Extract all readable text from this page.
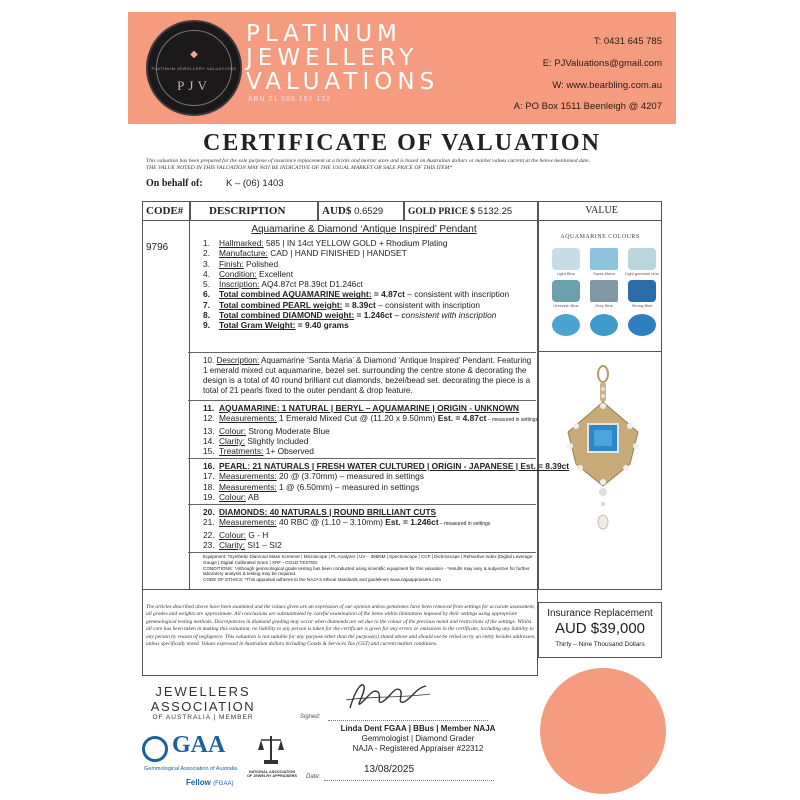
◆
PLATINUM JEWELLERY VALUATIONS
PJV
PLATINUM
JEWELLERY
VALUATIONS
ABN 21 588 192 132
T: 0431 645 785
E: PJValuations@gmail.com
W: www.bearbling.com.au
A: PO Box 1511 Beenleigh @ 4207
CERTIFICATE OF VALUATION
This valuation has been prepared for the sole purpose of insurance replacement at a bricks and mortar store and is based on Australian dollars or market values current at the below mentioned date.
THE VALUE NOTED IN THIS VALUATION MAY NOT BE INDICATIVE OF THE USUAL MARKET OR SALE PRICE OF THIS ITEM*
On behalf of: K – (06) 1403
CODE#	DESCRIPTION	AUD$ 0.6529	GOLD PRICE $ 5132.25	VALUE
9796
Aquamarine & Diamond ‘Antique Inspired’ Pendant
1. Hallmarked: 585 | IN 14ct YELLOW GOLD + Rhodium Plating
2. Manufacture: CAD | HAND FINISHED | HANDSET
3. Finish: Polished
4. Condition: Excellent
5. Inscription: AQ4.87ct P8.39ct D1.246ct
6. Total combined AQUAMARINE weight: = 4.87ct – consistent with inscription
7. Total combined PEARL weight: = 8.39ct – consistent with inscription
8. Total combined DIAMOND weight: = 1.246ct – consistent with inscription
9. Total Gram Weight: = 9.40 grams
10. Description: Aquamarine ‘Santa Maria’ & Diamond ‘Antique Inspired’ Pendant. Featuring 1 emerald mixed cut aquamarine, bezel set. surrounding the centre stone & decorating the design is a total of 40 round brilliant cut diamonds, bezel/bead set. decorating the piece is a total of 21 pearls fixed to the outer pendant & drop feature.
11. AQUAMARINE: 1 NATURAL | BERYL – AQUAMARINE | ORIGIN - UNKNOWN
12. Measurements: 1 Emerald Mixed Cut @ (11.20 x 9.50mm) Est. = 4.87ct – measured in settings
13. Colour: Strong Moderate Blue
14. Clarity: Slightly Included
15. Treatments: 1+ Observed
16. PEARL: 21 NATURALS | FRESH WATER CULTURED | ORIGIN - JAPANESE | Est. = 8.39ct
17. Measurements: 20 @ (3.70mm) – measured in settings
18. Measurements: 1 @ (6.50mm) – measured in settings
19. Colour: AB
20. DIAMONDS: 40 NATURALS | ROUND BRILLIANT CUTS
21. Measurements: 40 RBC @ (1.10 – 3.10mm) Est. = 1.246ct – measured in settings
22. Colour: G - H
23. Clarity: SI1 – SI2
Equipment: *Synthetic Diamond Mass Screener | Microscope | PL Analyzer | UV – 395NM | Spectroscope | CCF | Dichroscope | Refractive Index |Digital Leverage Gauge | Digital Calibrated Gram | XRF - GOLD TESTED
CONDITIONS: *Although gemmological grade testing has been conducted using scientific equipment for this valuation - *results may vary & subjective for further laboratory analysis & testing may be required.
CODE OF ETHICS: *This appraisal adheres to the NAJA's ethical standards and guidelines www.najaappraisers.com
AQUAMARINE COLOURS
Light Blue	Santa Maria	Light greenish blue
Greenish Blue	Grey Blue	Strong Blue
The articles described above have been examined and the values given are an expression of our opinion unless gemstones have been removed from settings for accurate assessment, all grades and weights are approximate. All conclusions are substantiated by careful examination of the items within limitations imposed by their settings using appropriate gemmological testing methods. Discrepancies in diamond grading may occur when diamonds are set due to the colour of the precious metal and restrictions of the settings. Whilst all care has been taken in making this valuation, no liability to any person is taken for the certificate is given for any errors or omissions in the certificate, including any liability to any person by reason of negligence. This valuation is not suitable for any purpose other than the purpose(s) stated above and should not be relied on by an entity besides addressee, unless specifically noted. Values expressed in Australian dollars including Goods & Services Tax (GST) and current market conditions.
Insurance Replacement
AUD $39,000
Thirty – Nine Thousand Dollars
JEWELLERS
ASSOCIATION
OF AUSTRALIA | MEMBER
GAA
Gemmological Association of Australia
Fellow (FGAA)
NATIONAL ASSOCIATION OF JEWELRY APPRAISERS
Signed:
Linda Dent FGAA | BBus | Member NAJA
Gemmologist | Diamond Grader
NAJA - Registered Appraiser #22312
Date:
13/08/2025
